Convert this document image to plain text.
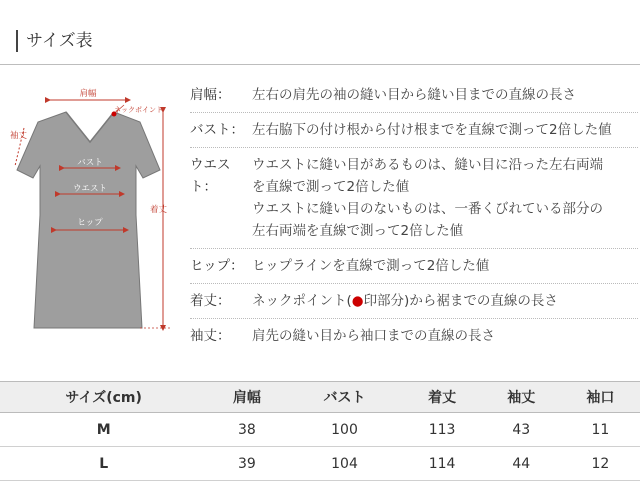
サイズ表
肩幅
ネックポイント
袖丈
バスト
ウエスト
ヒップ
着丈
肩幅：	左右の肩先の袖の縫い目から縫い目までの直線の長さ
バスト： 左右脇下の付け根から付け根までを直線で測って2倍した値
ウエスト：
ウエストに縫い目があるものは、縫い目に沿った左右両端
を直線で測って2倍した値
ウエストに縫い目のないものは、一番くびれている部分の
左右両端を直線で測って2倍した値
ヒップ： ヒップラインを直線で測って2倍した値
着丈：	ネックポイント(●印部分)から裾までの直線の長さ
袖丈：	肩先の縫い目から袖口までの直線の長さ
サイズ(cm)	肩幅	バスト	着丈	袖丈	袖口
M	38	100	113	43	11
L	39	104	114	44	12
